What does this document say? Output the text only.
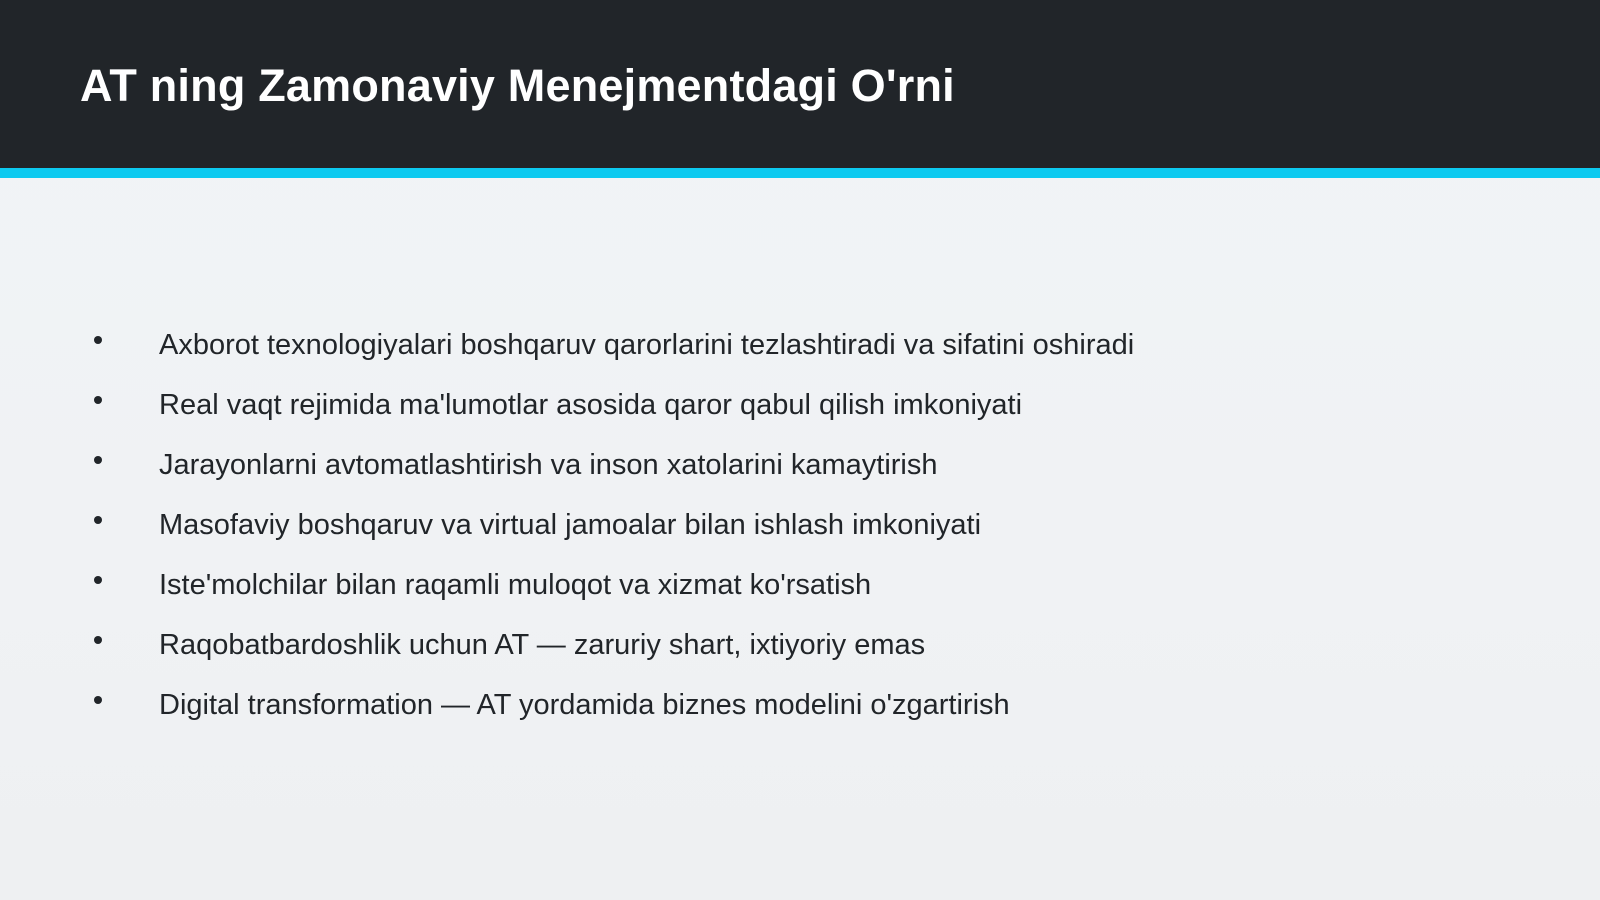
AT ning Zamonaviy Menejmentdagi O'rni
Axborot texnologiyalari boshqaruv qarorlarini tezlashtiradi va sifatini oshiradi
Real vaqt rejimida ma'lumotlar asosida qaror qabul qilish imkoniyati
Jarayonlarni avtomatlashtirish va inson xatolarini kamaytirish
Masofaviy boshqaruv va virtual jamoalar bilan ishlash imkoniyati
Iste'molchilar bilan raqamli muloqot va xizmat ko'rsatish
Raqobatbardoshlik uchun AT — zaruriy shart, ixtiyoriy emas
Digital transformation — AT yordamida biznes modelini o'zgartirish
